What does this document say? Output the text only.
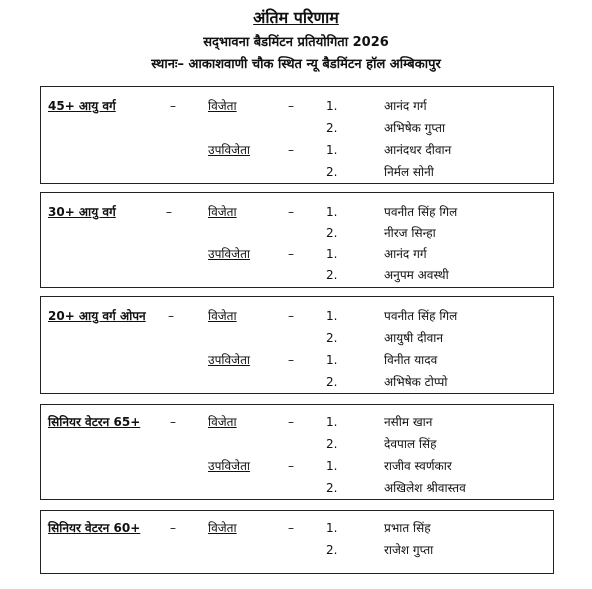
अंतिम परिणाम
सद्‌भावना बैडमिंटन प्रतियोगिता 2026
स्थानः– आकाशवाणी चौक स्थित न्यू बैडमिंटन हॉल अम्बिकापुर
45+ आयु वर्ग	–	विजेता	–	1.	आनंद गर्ग
2.	अभिषेक गुप्ता
उपविजेता	–	1.	आनंदधर दीवान
2.	निर्मल सोनी
30+ आयु वर्ग	–	विजेता	–	1.	पवनीत सिंह गिल
2.	नीरज सिन्हा
उपविजेता	–	1.	आनंद गर्ग
2.	अनुपम अवस्थी
20+ आयु वर्ग ओपन –	विजेता	–	1.	पवनीत सिंह गिल
2.	आयुषी दीवान
उपविजेता	–	1.	विनीत यादव
2.	अभिषेक टोप्पो
सिनियर वेटरन 65+ –	विजेता	–	1.	नसीम खान
2.	देवपाल सिंह
उपविजेता	–	1.	राजीव स्वर्णकार
2.	अखिलेश श्रीवास्तव
सिनियर वेटरन 60+ –	विजेता	–	1.	प्रभात सिंह
2.	राजेश गुप्ता
